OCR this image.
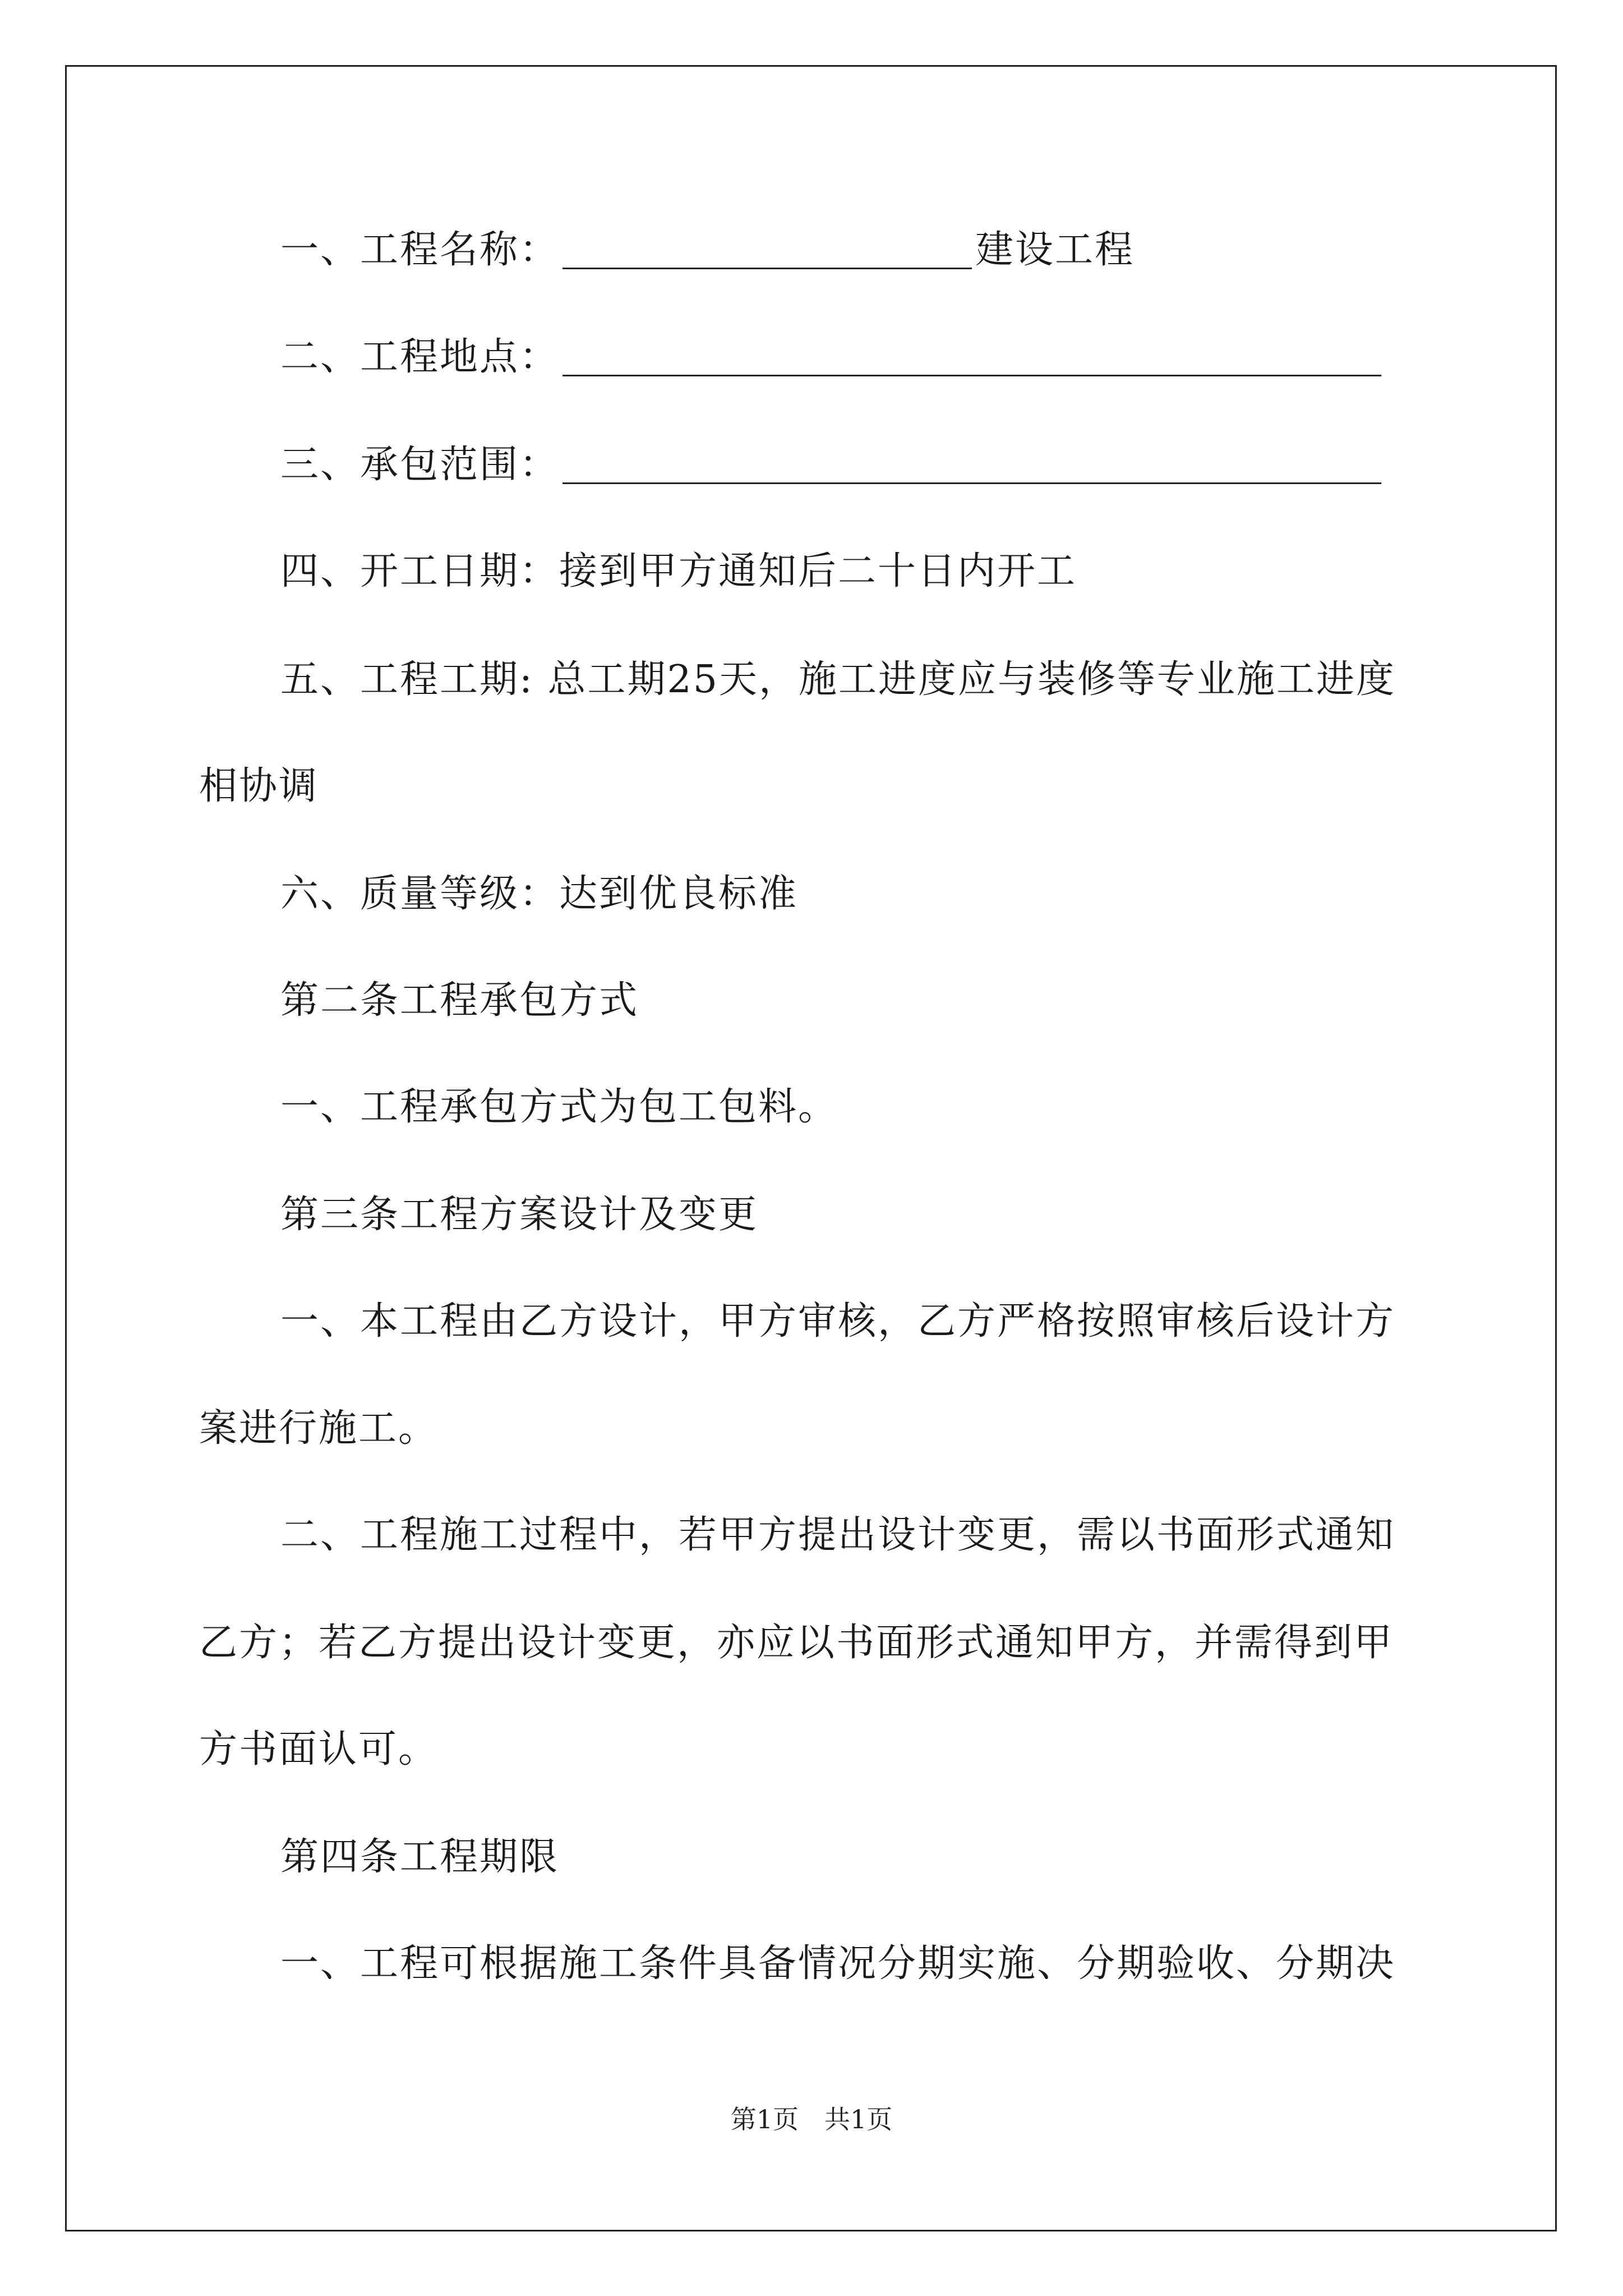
一、工程名称：	建设工程

二、工程地点：

三、承包范围：

四、开工日期：接到甲方通知后二十日内开工

五、工程工期: 总工期25天，施工进度应与装修等专业施工进度

相协调

六、质量等级：达到优良标准

第二条工程承包方式

一、工程承包方式为包工包料。

第三条工程方案设计及变更

一、本工程由乙方设计，甲方审核，乙方严格按照审核后设计方

案进行施工。

二、工程施工过程中，若甲方提出设计变更，需以书面形式通知

乙方；若乙方提出设计变更，亦应以书面形式通知甲方，并需得到甲

方书面认可。

第四条工程期限

一、工程可根据施工条件具备情况分期实施、分期验收、分期决

第1页 共1页
